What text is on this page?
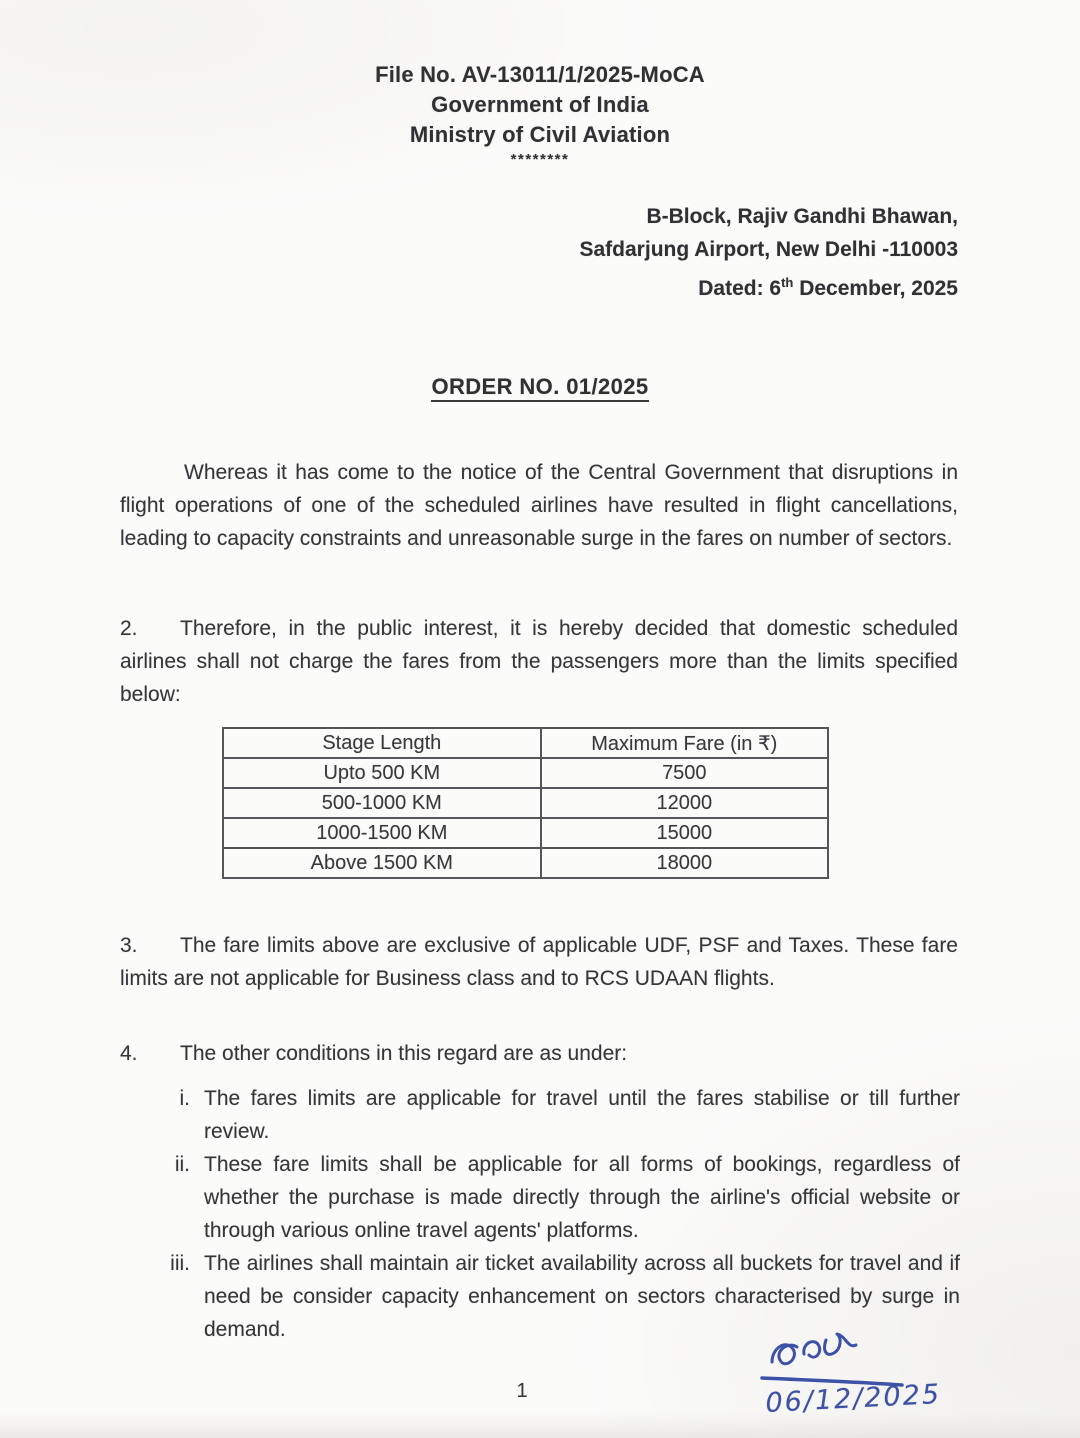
File No. AV-13011/1/2025-MoCA
Government of India
Ministry of Civil Aviation
********
B-Block, Rajiv Gandhi Bhawan,
Safdarjung Airport, New Delhi -110003
Dated: 6th December, 2025
ORDER NO. 01/2025

Whereas it has come to the notice of the Central Government that disruptions in flight operations of one of the scheduled airlines have resulted in flight cancellations, leading to capacity constraints and unreasonable surge in the fares on number of sectors.

2. Therefore, in the public interest, it is hereby decided that domestic scheduled airlines shall not charge the fares from the passengers more than the limits specified below:

Stage Length	Maximum Fare (in ₹)
Upto 500 KM	7500
500-1000 KM	12000
1000-1500 KM	15000
Above 1500 KM	18000

3. The fare limits above are exclusive of applicable UDF, PSF and Taxes. These fare limits are not applicable for Business class and to RCS UDAAN flights.

4. The other conditions in this regard are as under:

i. The fares limits are applicable for travel until the fares stabilise or till further review.
ii. These fare limits shall be applicable for all forms of bookings, regardless of whether the purchase is made directly through the airline's official website or through various online travel agents' platforms.
iii. The airlines shall maintain air ticket availability across all buckets for travel and if need be consider capacity enhancement on sectors characterised by surge in demand.
06/12/2025
1
